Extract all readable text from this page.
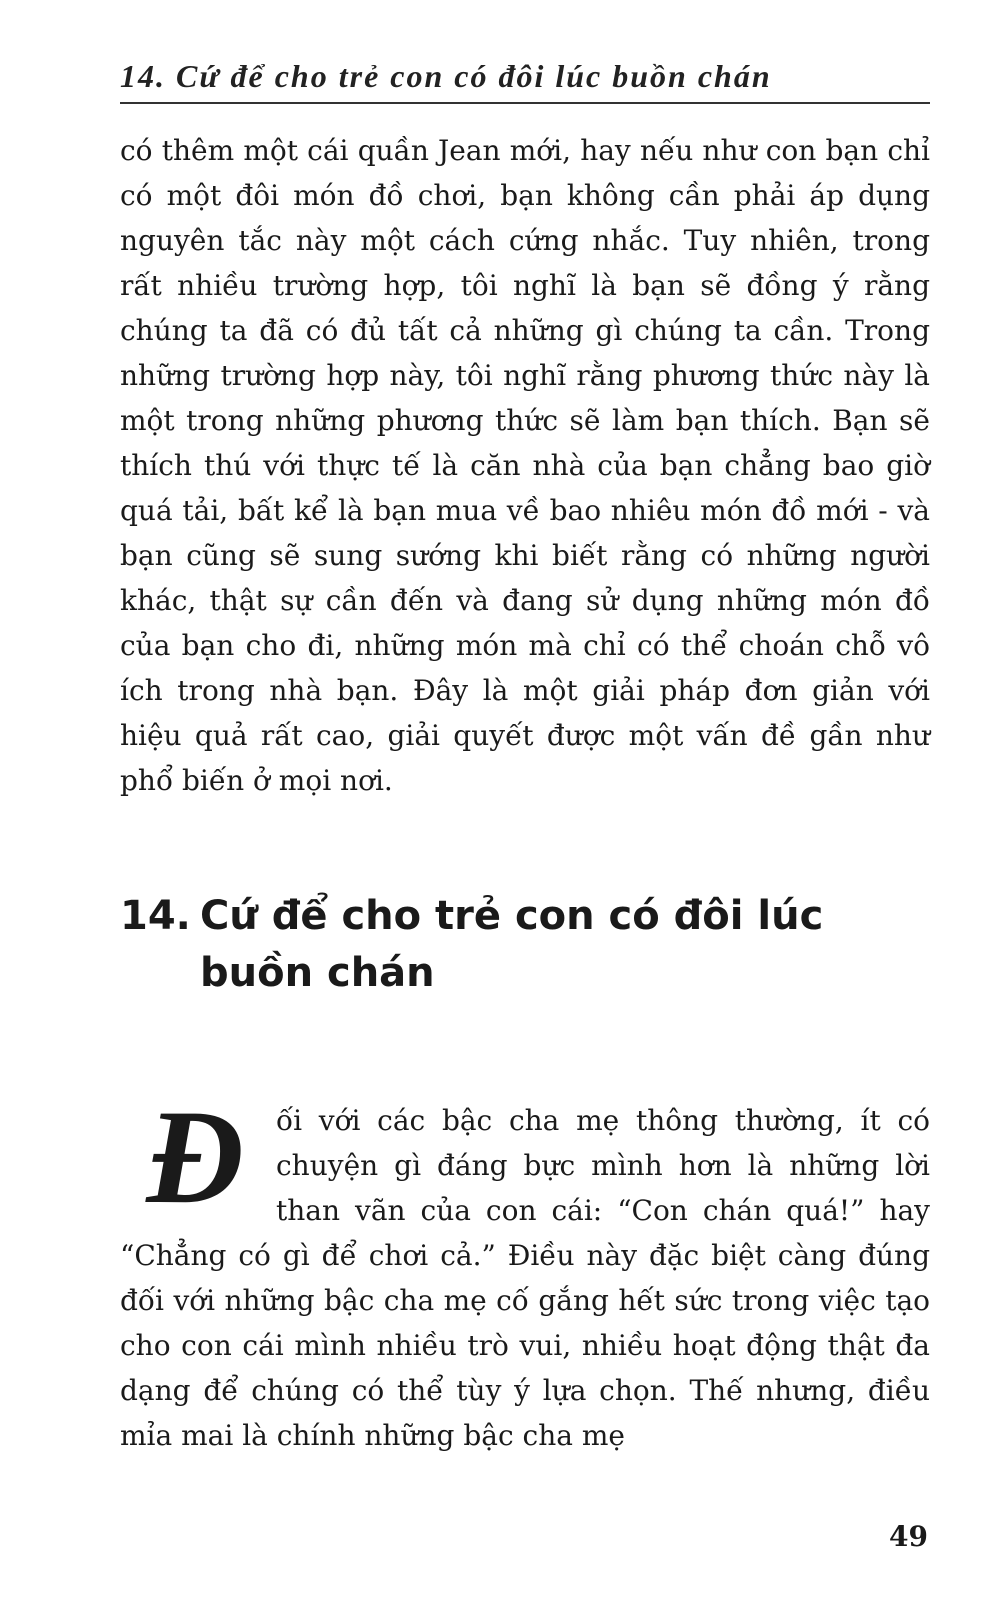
14. Cứ để cho trẻ con có đôi lúc buồn chán

có thêm một cái quần Jean mới, hay nếu như con bạn chỉ có một đôi món đồ chơi, bạn không cần phải áp dụng nguyên tắc này một cách cứng nhắc. Tuy nhiên, trong rất nhiều trường hợp, tôi nghĩ là bạn sẽ đồng ý rằng chúng ta đã có đủ tất cả những gì chúng ta cần. Trong những trường hợp này, tôi nghĩ rằng phương thức này là một trong những phương thức sẽ làm bạn thích. Bạn sẽ thích thú với thực tế là căn nhà của bạn chẳng bao giờ quá tải, bất kể là bạn mua về bao nhiêu món đồ mới - và bạn cũng sẽ sung sướng khi biết rằng có những người khác, thật sự cần đến và đang sử dụng những món đồ của bạn cho đi, những món mà chỉ có thể choán chỗ vô ích trong nhà bạn. Đây là một giải pháp đơn giản với hiệu quả rất cao, giải quyết được một vấn đề gần như phổ biến ở mọi nơi.

14. Cứ để cho trẻ con có đôi lúc
buồn chán

Đ ối với các bậc cha mẹ thông thường, ít có chuyện gì đáng bực mình hơn là những lời than vãn của con cái: “Con chán quá!” hay “Chẳng có gì để chơi cả.” Điều này đặc biệt càng đúng đối với những bậc cha mẹ cố gắng hết sức trong việc tạo cho con cái mình nhiều trò vui, nhiều hoạt động thật đa dạng để chúng có thể tùy ý lựa chọn. Thế nhưng, điều mỉa mai là chính những bậc cha mẹ

49
